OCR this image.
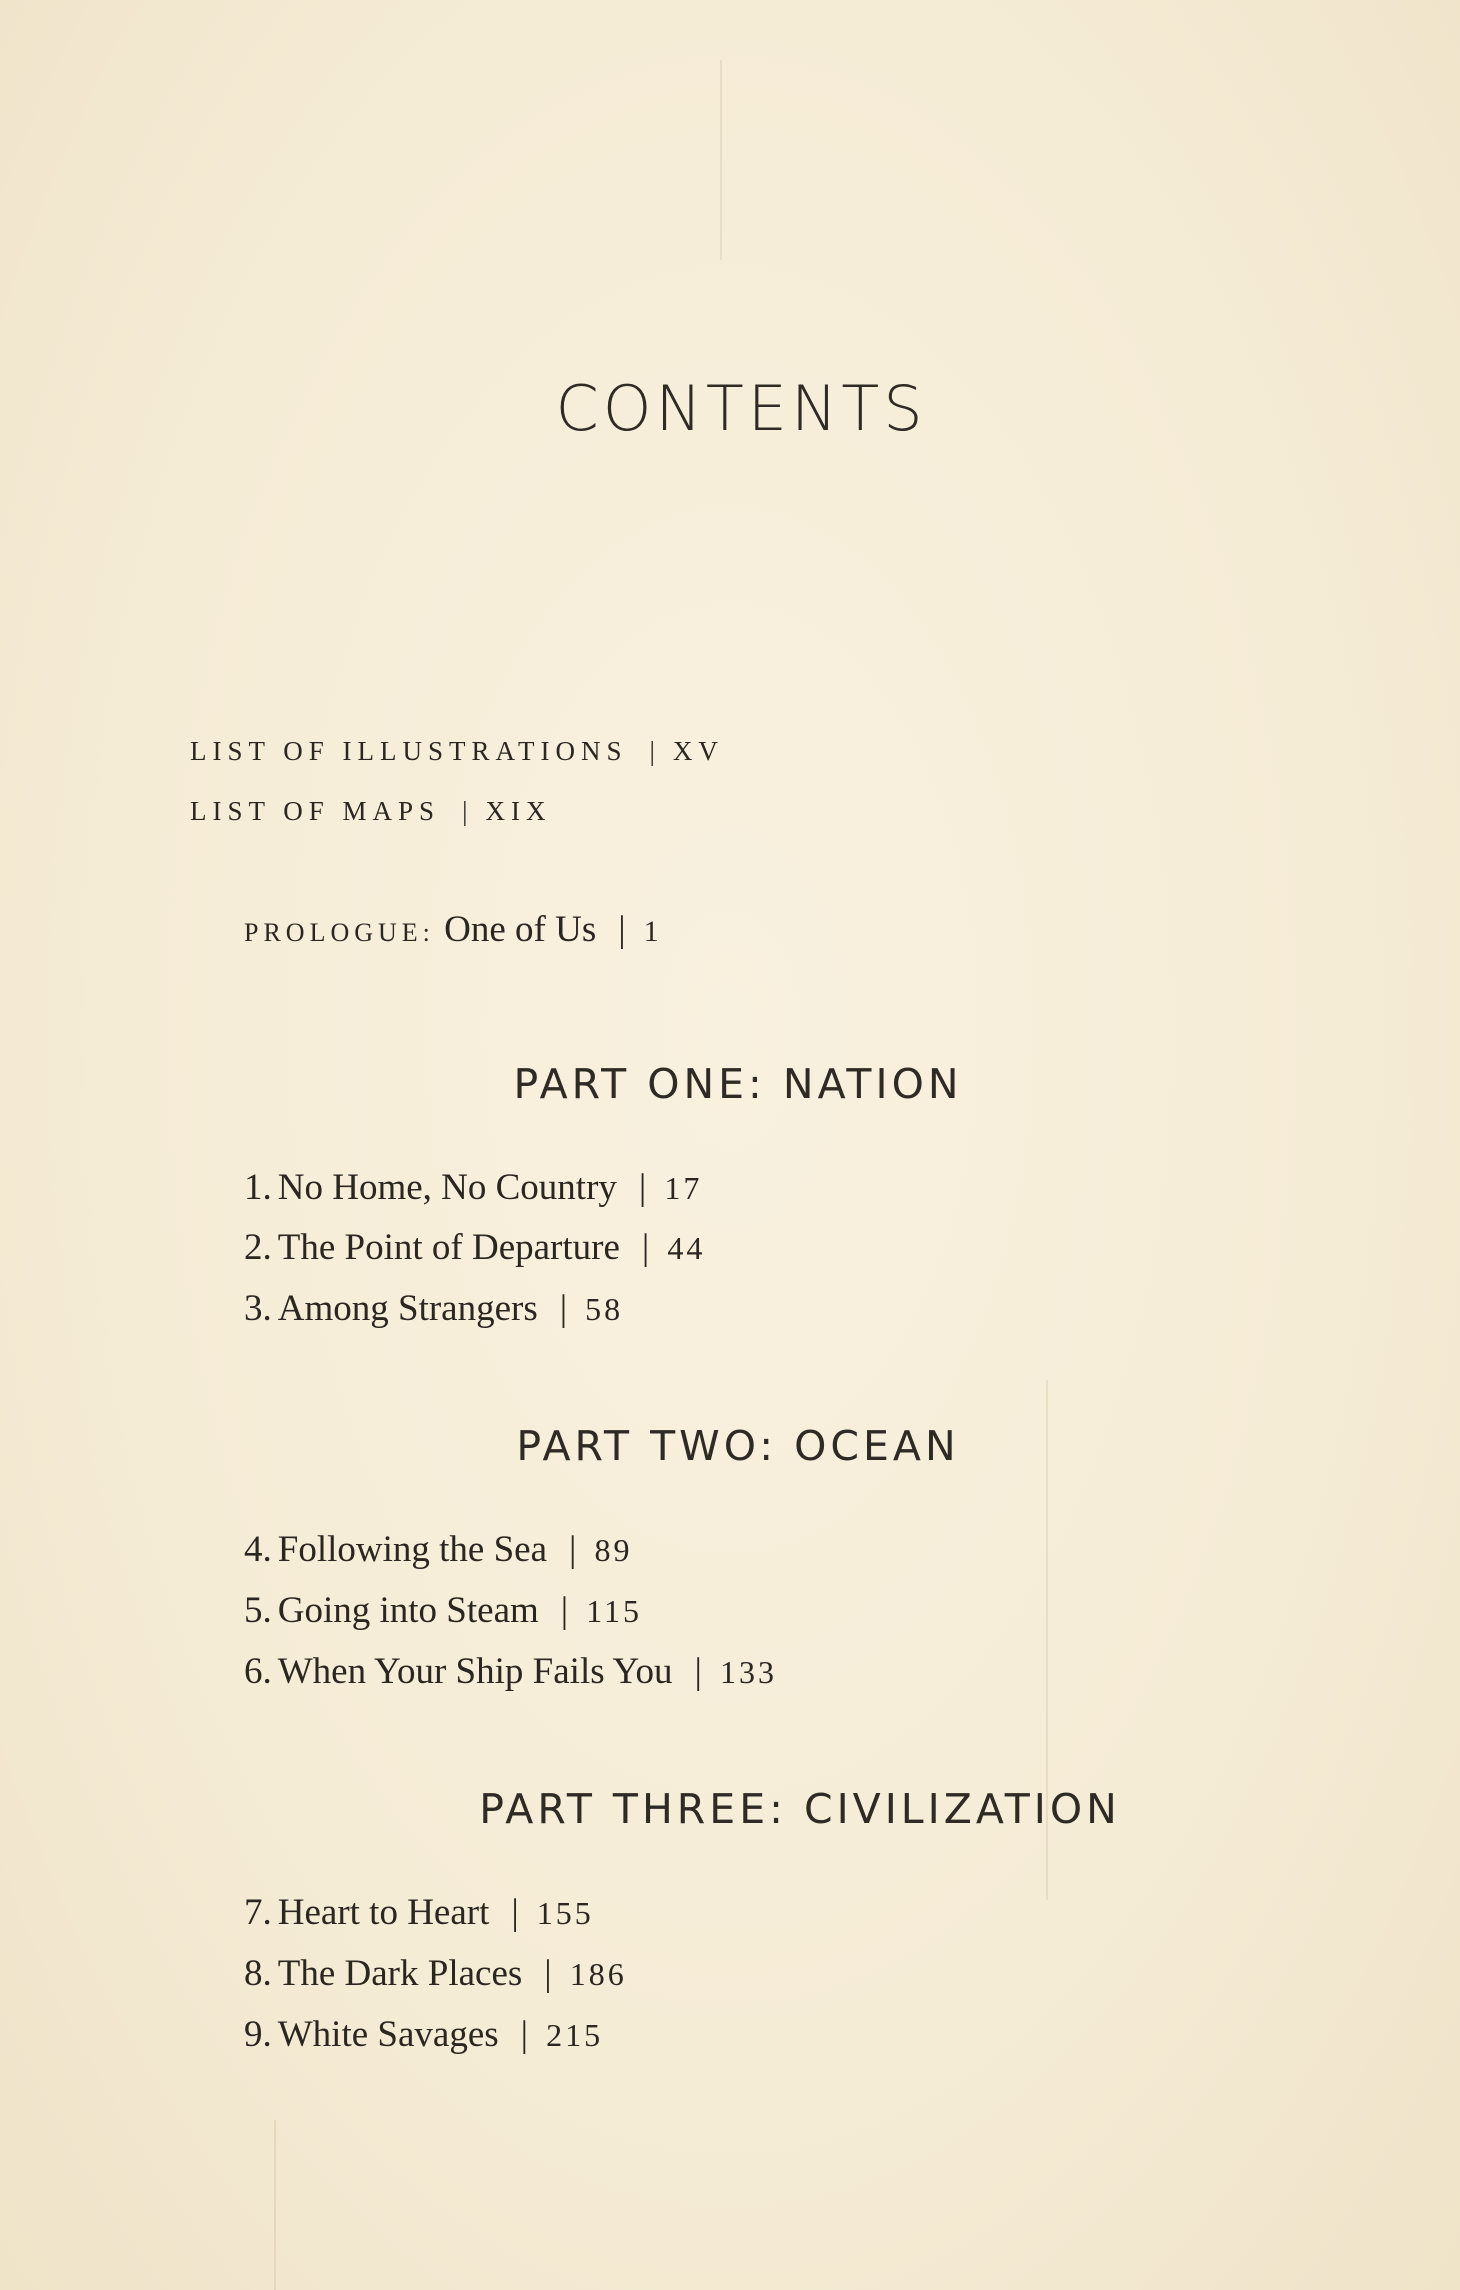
CONTENTS
LIST OF ILLUSTRATIONS | XV
LIST OF MAPS | XIX
PROLOGUE: One of Us | 1
PART ONE: NATION
1. No Home, No Country | 17
2. The Point of Departure | 44
3. Among Strangers | 58
PART TWO: OCEAN
4. Following the Sea | 89
5. Going into Steam | 115
6. When Your Ship Fails You | 133
PART THREE: CIVILIZATION
7. Heart to Heart | 155
8. The Dark Places | 186
9. White Savages | 215
